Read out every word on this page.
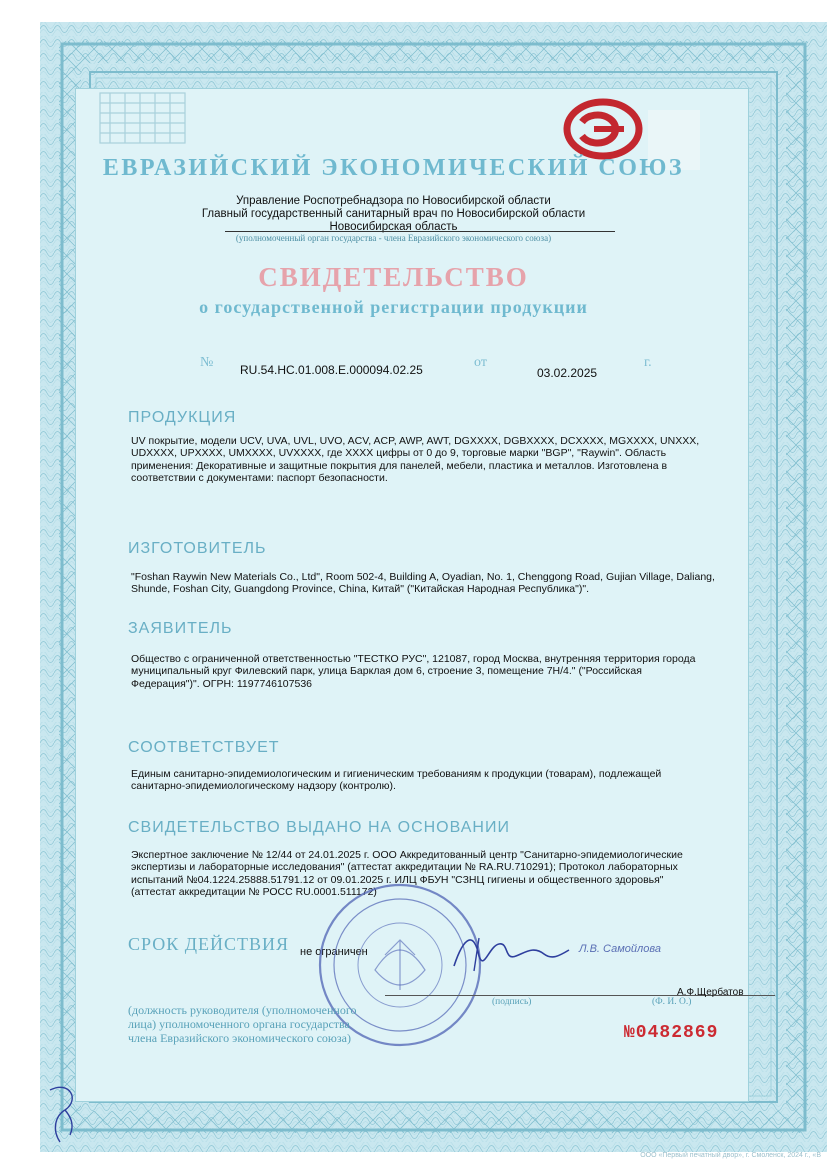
ЕВРАЗИЙСКИЙ ЭКОНОМИЧЕСКИЙ СОЮЗ
Управление Роспотребнадзора по Новосибирской области
Главный государственный санитарный врач по Новосибирской области
Новосибирская область
(уполномоченный орган государства - члена Евразийского экономического союза)
СВИДЕТЕЛЬСТВО
о государственной регистрации продукции
№ RU.54.НС.01.008.Е.000094.02.25	от
03.02.2025
г.
ПРОДУКЦИЯ
UV покрытие, модели UCV, UVA, UVL, UVO, ACV, ACP, AWP, AWT, DGXXXX, DGBXXXX, DCXXXX, MGXXXX, UNXXX,
UDXXXX, UPXXXX, UMXXXX, UVXXXX, где XXXX цифры от 0 до 9, торговые марки "BGP", "Raywin". Область
применения: Декоративные и защитные покрытия для панелей, мебели, пластика и металлов. Изготовлена в
соответствии с документами: паспорт безопасности.
ИЗГОТОВИТЕЛЬ
"Foshan Raywin New Materials Co., Ltd", Room 502-4, Building A, Oyadian, No. 1, Chenggong Road, Gujian Village, Daliang,
Shunde, Foshan City, Guangdong Province, China, Китай" ("Китайская Народная Республика")".
ЗАЯВИТЕЛЬ
Общество с ограниченной ответственностью "ТЕСТКО РУС", 121087, город Москва, внутренняя территория города
муниципальный круг Филевский парк, улица Барклая дом 6, строение 3, помещение 7Н/4." ("Российская
Федерация")". ОГРН: 1197746107536
СООТВЕТСТВУЕТ
Единым санитарно-эпидемиологическим и гигиеническим требованиям к продукции (товарам), подлежащей
санитарно-эпидемиологическому надзору (контролю).
СВИДЕТЕЛЬСТВО ВЫДАНО НА ОСНОВАНИИ
Экспертное заключение № 12/44 от 24.01.2025 г. ООО Аккредитованный центр "Санитарно-эпидемиологические
экспертизы и лабораторные исследования" (аттестат аккредитации № RA.RU.710291); Протокол лабораторных
испытаний №04.1224.25888.51791.12 от 09.01.2025 г. ИЛЦ ФБУН "СЗНЦ гигиены и общественного здоровья"
(аттестат аккредитации № РОСС RU.0001.511172)
СРОК ДЕЙСТВИЯ не ограничен	Л.В. Самойлова
А.Ф.Щербатов
(подпись)	(Ф. И. О.)
(должность руководителя (уполномоченного
лица) уполномоченного органа государства
члена Евразийского экономического союза)	№0482869
ООО «Первый печатный двор», г. Смоленск, 2024 г., «В
